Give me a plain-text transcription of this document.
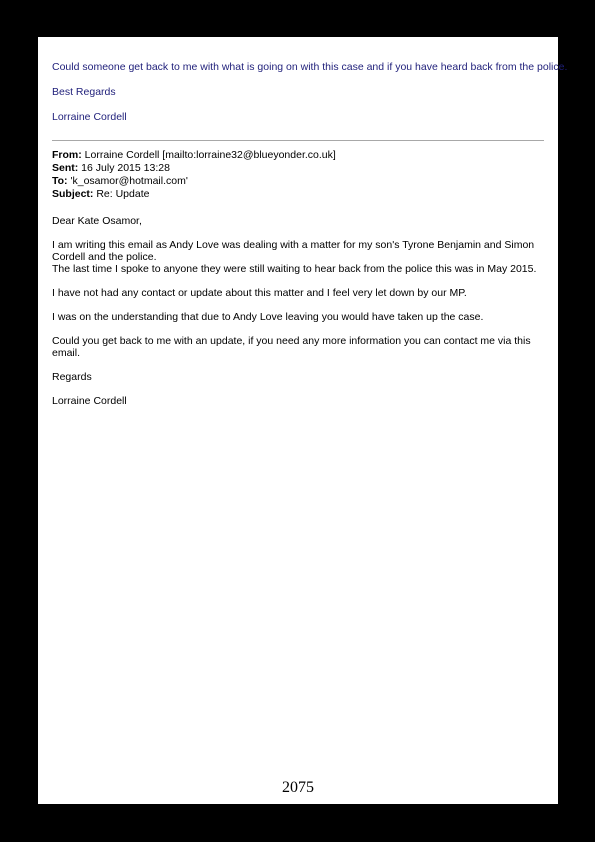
Could someone get back to me with what is going on with this case and if you have heard back from the police.

Best Regards

Lorraine Cordell

From: Lorraine Cordell [mailto:lorraine32@blueyonder.co.uk]
Sent: 16 July 2015 13:28
To: 'k_osamor@hotmail.com'
Subject: Re: Update

Dear Kate Osamor,

I am writing this email as Andy Love was dealing with a matter for my son's Tyrone Benjamin and Simon Cordell and the police.
The last time I spoke to anyone they were still waiting to hear back from the police this was in May 2015.

I have not had any contact or update about this matter and I feel very let down by our MP.

I was on the understanding that due to Andy Love leaving you would have taken up the case.

Could you get back to me with an update, if you need any more information you can contact me via this email.

Regards

Lorraine Cordell

2075
